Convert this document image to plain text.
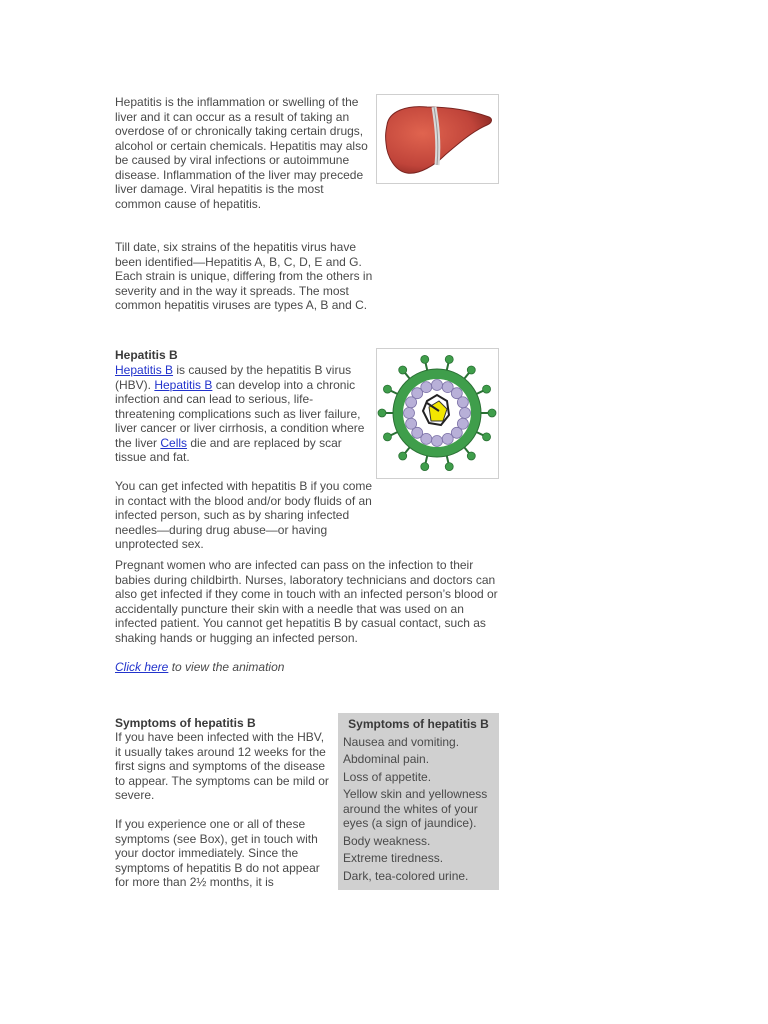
Hepatitis is the inflammation or swelling of the liver and it can occur as a result of taking an overdose of or chronically taking certain drugs, alcohol or certain chemicals. Hepatitis may also be caused by viral infections or autoimmune disease. Inflammation of the liver may precede liver damage. Viral hepatitis is the most common cause of hepatitis.

Till date, six strains of the hepatitis virus have been identified—Hepatitis A, B, C, D, E and G. Each strain is unique, differing from the others in severity and in the way it spreads. The most common hepatitis viruses are types A, B and C.

Hepatitis B

Hepatitis B is caused by the hepatitis B virus (HBV). Hepatitis B can develop into a chronic infection and can lead to serious, life-threatening complications such as liver failure, liver cancer or liver cirrhosis, a condition where the liver Cells die and are replaced by scar tissue and fat.

You can get infected with hepatitis B if you come in contact with the blood and/or body fluids of an infected person, such as by sharing infected needles—during drug abuse—or having unprotected sex.

Pregnant women who are infected can pass on the infection to their babies during childbirth. Nurses, laboratory technicians and doctors can also get infected if they come in touch with an infected person’s blood or accidentally puncture their skin with a needle that was used on an infected patient. You cannot get hepatitis B by casual contact, such as shaking hands or hugging an infected person.

Click here to view the animation

Symptoms of hepatitis B

If you have been infected with the HBV, it usually takes around 12 weeks for the first signs and symptoms of the disease to appear. The symptoms can be mild or severe.

If you experience one or all of these symptoms (see Box), get in touch with your doctor immediately. Since the symptoms of hepatitis B do not appear for more than 2½ months, it is

Symptoms of hepatitis B

Nausea and vomiting.

Abdominal pain.

Loss of appetite.

Yellow skin and yellowness around the whites of your eyes (a sign of jaundice).

Body weakness.

Extreme tiredness.

Dark, tea-colored urine.
